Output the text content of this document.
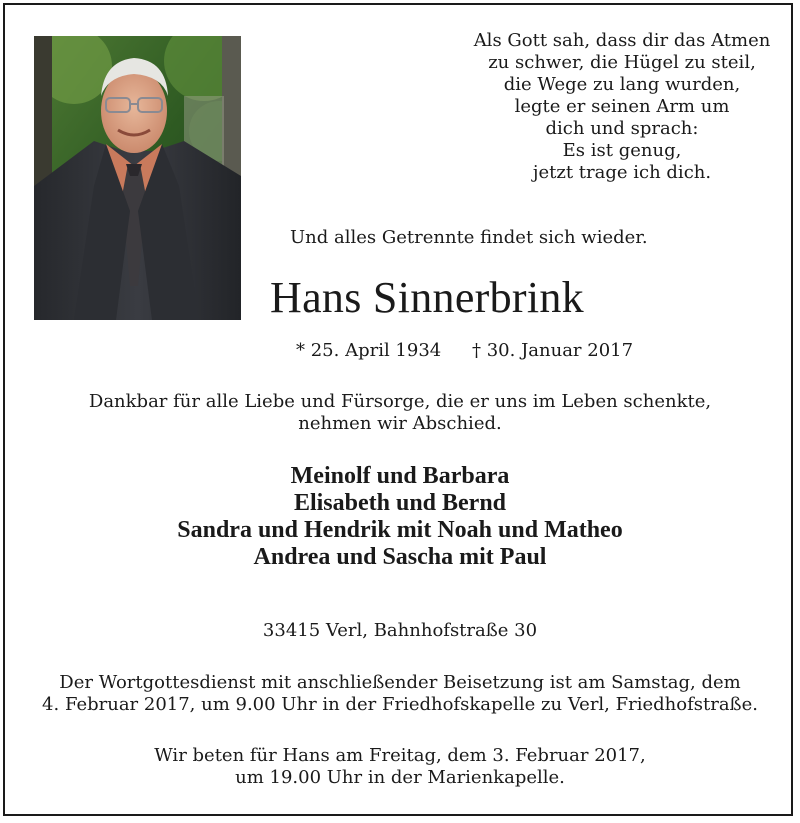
Als Gott sah, dass dir das Atmen
zu schwer, die Hügel zu steil,
die Wege zu lang wurden,
legte er seinen Arm um
dich und sprach:
Es ist genug,
jetzt trage ich dich.
Und alles Getrennte findet sich wieder.
Hans Sinnerbrink
* 25. April 1934 † 30. Januar 2017
Dankbar für alle Liebe und Fürsorge, die er uns im Leben schenkte,
nehmen wir Abschied.
Meinolf und Barbara
Elisabeth und Bernd
Sandra und Hendrik mit Noah und Matheo
Andrea und Sascha mit Paul
33415 Verl, Bahnhofstraße 30
Der Wortgottesdienst mit anschließender Beisetzung ist am Samstag, dem
4. Februar 2017, um 9.00 Uhr in der Friedhofskapelle zu Verl, Friedhofstraße.
Wir beten für Hans am Freitag, dem 3. Februar 2017,
um 19.00 Uhr in der Marienkapelle.
